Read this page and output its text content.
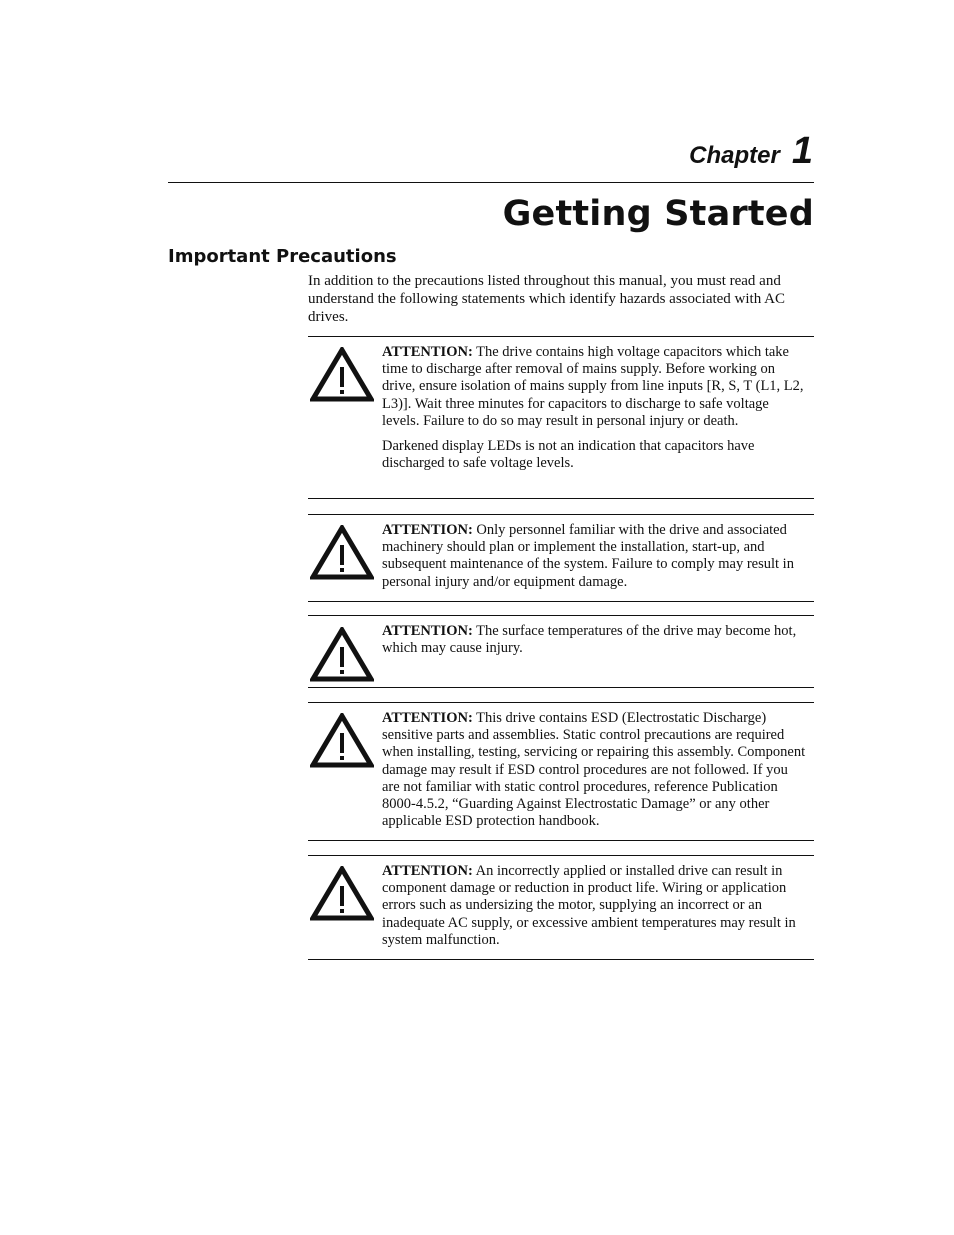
Chapter 1
Getting Started
Important Precautions
In addition to the precautions listed throughout this manual, you must read and understand the following statements which identify hazards associated with AC drives.

ATTENTION: The drive contains high voltage capacitors which take time to discharge after removal of mains supply. Before working on drive, ensure isolation of mains supply from line inputs [R, S, T (L1, L2, L3)]. Wait three minutes for capacitors to discharge to safe voltage levels. Failure to do so may result in personal injury or death.

Darkened display LEDs is not an indication that capacitors have discharged to safe voltage levels.

ATTENTION: Only personnel familiar with the drive and associated machinery should plan or implement the installation, start-up, and subsequent maintenance of the system. Failure to comply may result in personal injury and/or equipment damage.

ATTENTION: The surface temperatures of the drive may become hot, which may cause injury.

ATTENTION: This drive contains ESD (Electrostatic Discharge) sensitive parts and assemblies. Static control precautions are required when installing, testing, servicing or repairing this assembly. Component damage may result if ESD control procedures are not followed. If you are not familiar with static control procedures, reference Publication 8000-4.5.2, “Guarding Against Electrostatic Damage” or any other applicable ESD protection handbook.

ATTENTION: An incorrectly applied or installed drive can result in component damage or reduction in product life. Wiring or application errors such as undersizing the motor, supplying an incorrect or an inadequate AC supply, or excessive ambient temperatures may result in system malfunction.
